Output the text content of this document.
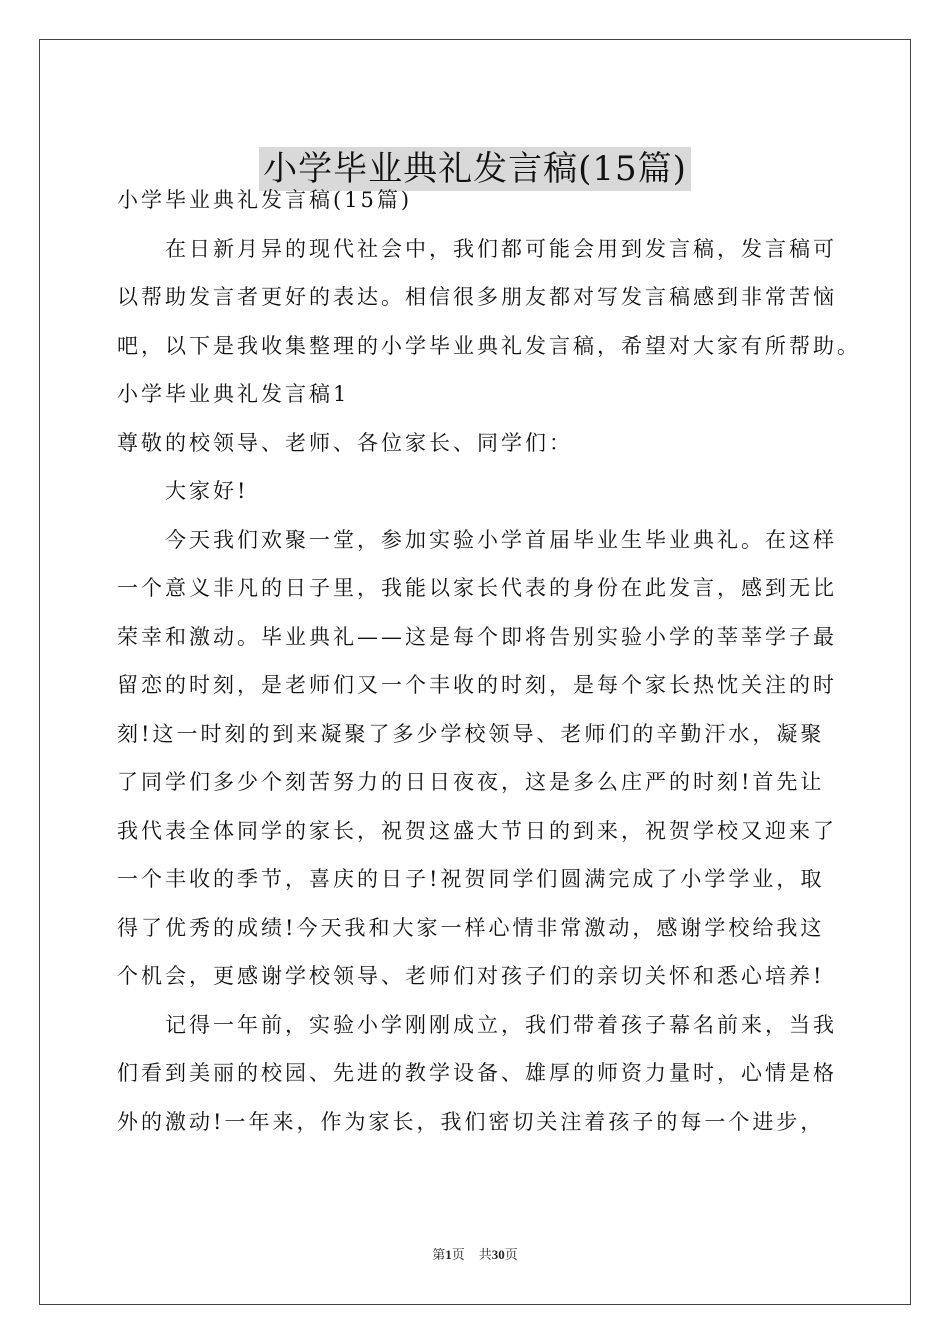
小学毕业典礼发言稿(15篇)
小学毕业典礼发言稿(15篇)
在日新月异的现代社会中，我们都可能会用到发言稿，发言稿可
以帮助发言者更好的表达。相信很多朋友都对写发言稿感到非常苦恼
吧，以下是我收集整理的小学毕业典礼发言稿，希望对大家有所帮助。
小学毕业典礼发言稿1
尊敬的校领导、老师、各位家长、同学们：
大家好!
今天我们欢聚一堂，参加实验小学首届毕业生毕业典礼。在这样
一个意义非凡的日子里，我能以家长代表的身份在此发言，感到无比
荣幸和激动。毕业典礼——这是每个即将告别实验小学的莘莘学子最
留恋的时刻，是老师们又一个丰收的时刻，是每个家长热忱关注的时
刻!这一时刻的到来凝聚了多少学校领导、老师们的辛勤汗水，凝聚
了同学们多少个刻苦努力的日日夜夜，这是多么庄严的时刻!首先让
我代表全体同学的家长，祝贺这盛大节日的到来，祝贺学校又迎来了
一个丰收的季节，喜庆的日子!祝贺同学们圆满完成了小学学业，取
得了优秀的成绩!今天我和大家一样心情非常激动，感谢学校给我这
个机会，更感谢学校领导、老师们对孩子们的亲切关怀和悉心培养!
记得一年前，实验小学刚刚成立，我们带着孩子幕名前来，当我
们看到美丽的校园、先进的教学设备、雄厚的师资力量时，心情是格
外的激动!一年来，作为家长，我们密切关注着孩子的每一个进步，
第1页 共30页
